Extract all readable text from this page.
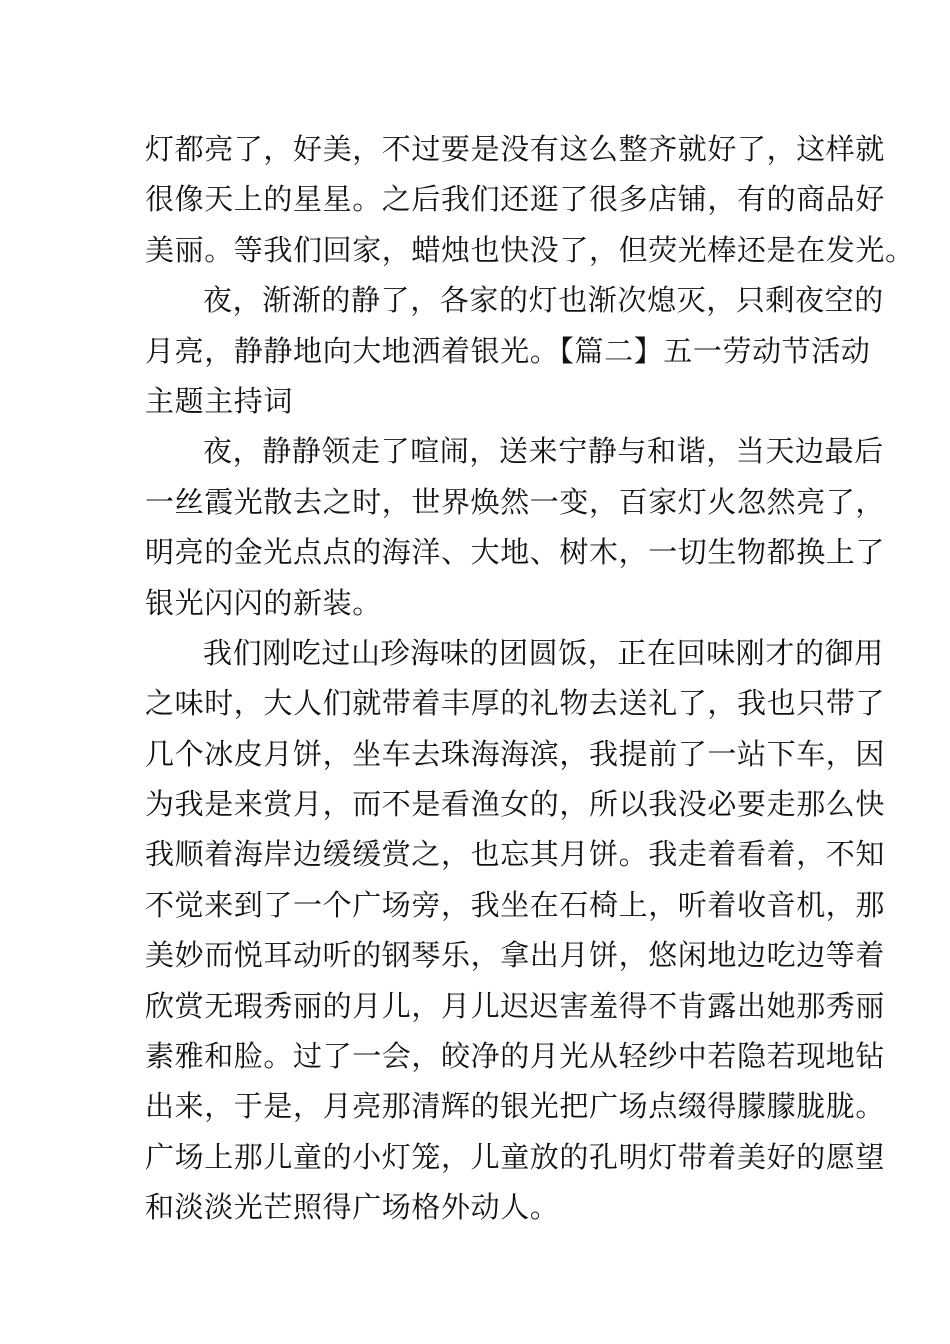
灯都亮了，好美，不过要是没有这么整齐就好了，这样就
很像天上的星星。之后我们还逛了很多店铺，有的商品好
美丽。等我们回家，蜡烛也快没了，但荧光棒还是在发光。
夜，渐渐的静了，各家的灯也渐次熄灭，只剩夜空的
月亮，静静地向大地洒着银光。【篇二】五一劳动节活动
主题主持词
夜，静静领走了喧闹，送来宁静与和谐，当天边最后
一丝霞光散去之时，世界焕然一变，百家灯火忽然亮了，
明亮的金光点点的海洋、大地、树木，一切生物都换上了
银光闪闪的新装。
我们刚吃过山珍海味的团圆饭，正在回味刚才的御用
之味时，大人们就带着丰厚的礼物去送礼了，我也只带了
几个冰皮月饼，坐车去珠海海滨，我提前了一站下车，因
为我是来赏月，而不是看渔女的，所以我没必要走那么快
我顺着海岸边缓缓赏之，也忘其月饼。我走着看着，不知
不觉来到了一个广场旁，我坐在石椅上，听着收音机，那
美妙而悦耳动听的钢琴乐，拿出月饼，悠闲地边吃边等着
欣赏无瑕秀丽的月儿，月儿迟迟害羞得不肯露出她那秀丽
素雅和脸。过了一会，皎净的月光从轻纱中若隐若现地钻
出来，于是，月亮那清辉的银光把广场点缀得朦朦胧胧。
广场上那儿童的小灯笼，儿童放的孔明灯带着美好的愿望
和淡淡光芒照得广场格外动人。
